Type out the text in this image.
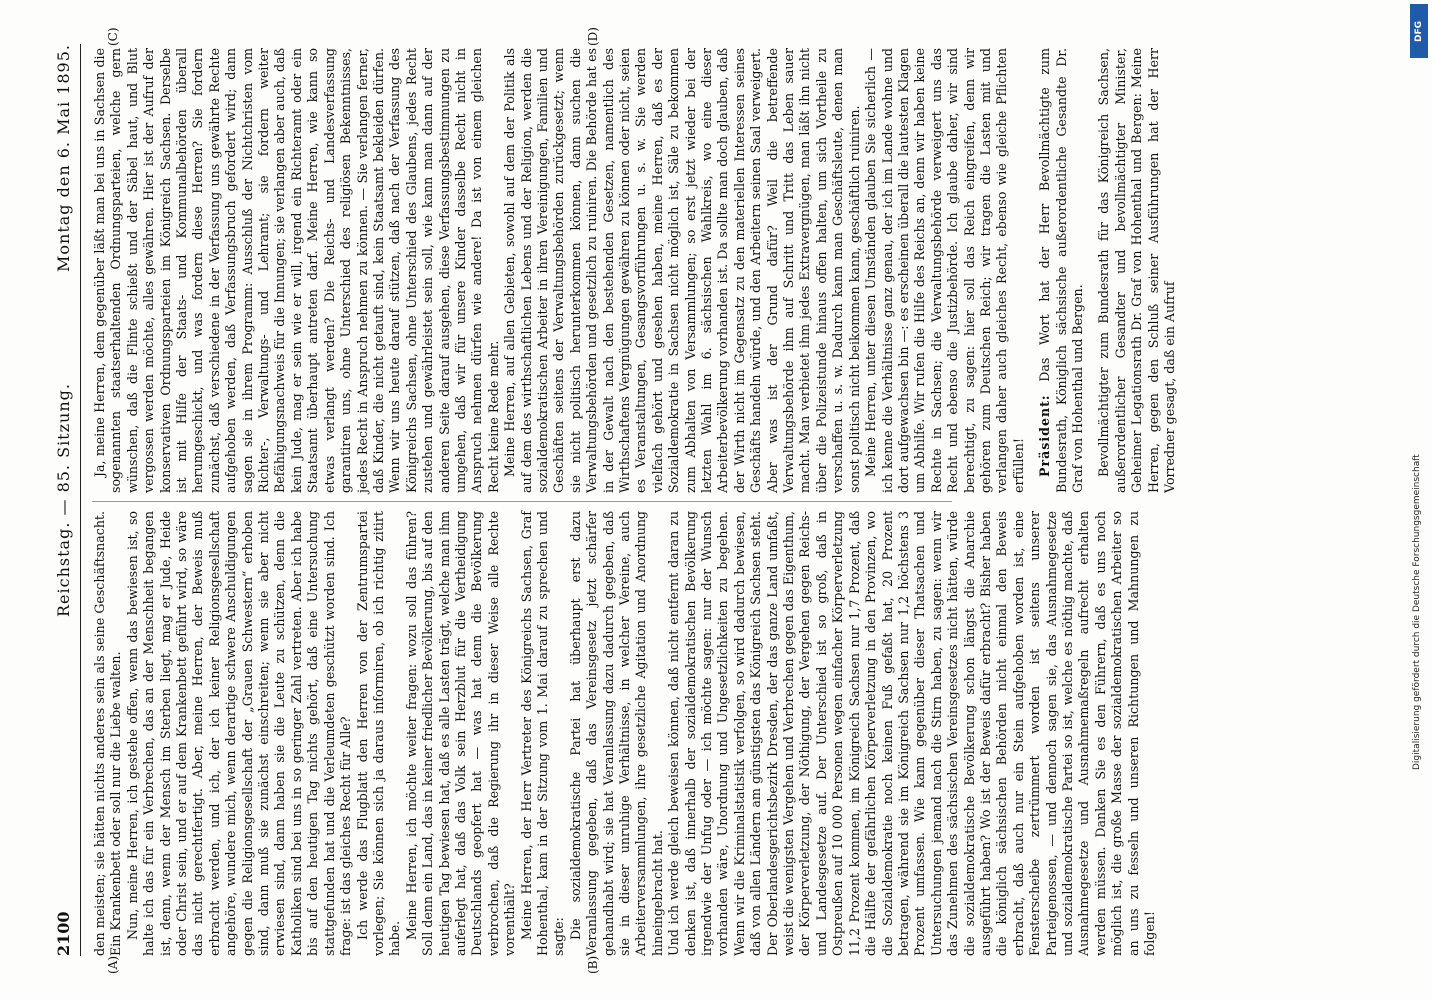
2100
Reichstag. — 85. Sitzung.
Montag den 6. Mai 1895.

den meisten; sie hätten nichts anderes sein als seine Geschäftsnacht. Ein Krankenbett oder soll nur die Liebe walten. Nun, meine Herren, ich gestehe offen, wenn das bewiesen ist, so halte ich das für ein Verbrechen, das an der Menschheit begangen ist, denn, wenn der Mensch im Sterben liegt, mag er Jude, Heide oder Christ sein, und er auf dem Krankenbett geführt wird, so wäre das nicht gerechtfertigt. Aber, meine Herren, der Beweis muß erbracht werden, und ich, der ich keiner Religionsgesellschaft angehöre, wundere mich, wenn derartige schwere Anschuldigungen gegen die Religionsgesellschaft der „Grauen Schwestern“ erhoben sind, dann muß sie zunächst einschreiten; wenn sie aber nicht erwiesen sind, dann haben sie die Leute zu schützen, denn die Katholiken sind bei uns in so geringer Zahl vertreten. Aber ich habe bis auf den heutigen Tag nichts gehört, daß eine Untersuchung stattgefunden hat und die Verleumdeten geschützt worden sind. Ich frage: ist das gleiches Recht für Alle? Ich werde das Flugblatt den Herren von der Zentrumspartei vorlegen; Sie können sich ja daraus informiren, ob ich richtig zitirt habe. Meine Herren, ich möchte weiter fragen: wozu soll das führen? Soll denn ein Land, das in keiner friedlicher Bevölkerung, bis auf den heutigen Tag bewiesen hat, daß es alle Lasten trägt, welche man ihm auferlegt hat, daß das Volk sein Herzblut für die Vertheidigung Deutschlands geopfert hat — was hat denn die Bevölkerung verbrochen, daß die Regierung ihr in dieser Weise alle Rechte vorenthält? Meine Herren, der Herr Vertreter des Königreichs Sachsen, Graf Hohenthal, kam in der Sitzung vom 1. Mai darauf zu sprechen und sagte: Die sozialdemokratische Partei hat überhaupt erst dazu Veranlassung gegeben, daß das Vereinsgesetz jetzt schärfer gehandhabt wird; sie hat Veranlassung dazu dadurch gegeben, daß sie in dieser unruhige Verhältnisse, in welcher Vereine, auch Arbeiterversammlungen, ihre gesetzliche Agitation und Anordnung hineingebracht hat. Und ich werde gleich beweisen können, daß nicht entfernt daran zu denken ist, daß innerhalb der sozialdemokratischen Bevölkerung irgendwie der Unfug oder — ich möchte sagen: nur der Wunsch vorhanden wäre, Unordnung und Ungesetzlichkeiten zu begehen. Wenn wir die Kriminalstatistik verfolgen, so wird dadurch bewiesen, daß von allen Ländern am günstigsten das Königreich Sachsen steht. Der Oberlandesgerichtsbezirk Dresden, der das ganze Land umfaßt, weist die wenigsten Vergehen und Verbrechen gegen das Eigenthum, der Körperverletzung, der Nöthigung, der Vergehen gegen Reichs- und Landesgesetze auf. Der Unterschied ist so groß, daß in Ostpreußen auf 10 000 Personen wegen einfacher Körperverletzung 11,2 Prozent kommen, im Königreich Sachsen nur 1,7 Prozent, daß die Hälfte der gefährlichen Körperverletzung in den Provinzen, wo die Sozialdemokratie noch keinen Fuß gefaßt hat, 20 Prozent betragen, während sie im Königreich Sachsen nur 1,2 höchstens 3 Prozent umfassen. Wie kann gegenüber dieser Thatsachen und Untersuchungen jemand nach die Stirn haben, zu sagen: wenn wir das Zunehmen des sächsischen Vereinsgesetzes nicht hätten, würde die sozialdemokratische Bevölkerung schon längst die Anarchie ausgeführt haben? Wo ist der Beweis dafür erbracht? Bisher haben die königlich sächsischen Behörden nicht einmal den Beweis erbracht, daß auch nur ein Stein aufgehoben worden ist, eine Fensterscheibe zertrümmert worden ist seitens unserer Parteigenossen, — und dennoch sagen sie, das Ausnahmegesetze und sozialdemokratische Partei so ist, welche es nöthig machte, daß Ausnahmegesetze und Ausnahmemaßregeln aufrecht erhalten werden müssen. Danken Sie es den Führern, daß es uns noch möglich ist, die große Masse der sozialdemokratischen Arbeiter so an uns zu fesseln und unseren Richtungen und Mahnungen zu folgen!

Ja, meine Herren, dem gegenüber läßt man bei uns in Sachsen die sogenannten staatserhaltenden Ordnungsparteien, welche gern wünschen, daß die Flinte schießt und der Säbel haut, und Blut vergossen werden möchte, alles gewähren. Hier ist der Aufruf der konservativen Ordnungsparteien im Königreich Sachsen. Derselbe ist mit Hilfe der Staats- und Kommunalbehörden überall herumgeschickt, und was fordern diese Herren? Sie fordern zunächst, daß verschiedene in der Verfassung uns gewährte Rechte aufgehoben werden, daß Verfassungsbruch gefordert wird; dann sagen sie in ihrem Programm: Ausschluß der Nichtchristen vom Richter-, Verwaltungs- und Lehramt; sie fordern weiter Befähigungsnachweis für die Innungen; sie verlangen aber auch, daß kein Jude, mag er sein wie er will, irgend ein Richteramt oder ein Staatsamt überhaupt antreten darf. Meine Herren, wie kann so etwas verlangt werden? Die Reichs- und Landesverfassung garantiren uns, ohne Unterschied des religiösen Bekenntnisses, jedes Recht in Anspruch nehmen zu können. — Sie verlangen ferner, daß Kinder, die nicht getauft sind, kein Staatsamt bekleiden dürfen. Wenn wir uns heute darauf stützen, daß nach der Verfassung des Königreichs Sachsen, ohne Unterschied des Glaubens, jedes Recht zustehen und gewährleistet sein soll, wie kann man dann auf der anderen Seite darauf ausgehen, diese Verfassungsbestimmungen zu umgehen, daß wir für unsere Kinder dasselbe Recht nicht in Anspruch nehmen dürfen wie andere! Da ist von einem gleichen Recht keine Rede mehr. Meine Herren, auf allen Gebieten, sowohl auf dem der Politik als auf dem des wirthschaftlichen Lebens und der Religion, werden die sozialdemokratischen Arbeiter in ihren Vereinigungen, Familien und Geschäften seitens der Verwaltungsbehörden zurückgesetzt; wenn sie nicht politisch herunterkommen können, dann suchen die Verwaltungsbehörden und gesetzlich zu ruiniren. Die Behörde hat es in der Gewalt nach den bestehenden Gesetzen, namentlich des Wirthschaftens Vergnügungen gewähren zu können oder nicht, seien es Veranstaltungen, Gesangsvorführungen u. s. w. Sie werden vielfach gehört und gesehen haben, meine Herren, daß es der Sozialdemokratie in Sachsen nicht möglich ist, Säle zu bekommen zum Abhalten von Versammlungen; so erst jetzt wieder bei der letzten Wahl im 6. sächsischen Wahlkreis, wo eine dieser Arbeiterbevölkerung vorhanden ist. Da sollte man doch glauben, daß der Wirth nicht im Gegensatz zu den materiellen Interessen seines Geschäfts handeln würde, und den Arbeitern seinen Saal verweigert. Aber was ist der Grund dafür? Weil die betreffende Verwaltungsbehörde ihm auf Schritt und Tritt das Leben sauer macht. Man verbietet ihm jedes Extravergnügen, man läßt ihn nicht über die Polizeistunde hinaus offen halten, um sich Vortheile zu verschaffen u. s. w. Dadurch kann man Geschäftsleute, denen man sonst politisch nicht beikommen kann, geschäftlich ruiniren. Meine Herren, unter diesen Umständen glauben Sie sicherlich — ich kenne die Verhältnisse ganz genau, der ich im Lande wohne und dort aufgewachsen bin —: es erscheinen überall die lautesten Klagen um Abhilfe. Wir rufen die Hilfe des Reichs an, denn wir haben keine Rechte in Sachsen; die Verwaltungsbehörde verweigert uns das Recht und ebenso die Justizbehörde. Ich glaube daher, wir sind berechtigt, zu sagen: hier soll das Reich eingreifen, denn wir gehören zum Deutschen Reich; wir tragen die Lasten mit und verlangen daher auch gleiches Recht, ebenso wie gleiche Pflichten erfüllen! Präsident: Das Wort hat der Herr Bevollmächtigte zum Bundesrath, Königlich sächsische außerordentliche Gesandte Dr. Graf von Hohenthal und Bergen. Bevollmächtigter zum Bundesrath für das Königreich Sachsen, außerordentlicher Gesandter und bevollmächtigter Minister, Geheimer Legationsrath Dr. Graf von Hohenthal und Bergen: Meine Herren, gegen den Schluß seiner Ausführungen hat der Herr Vorredner gesagt, daß ein Aufruf

(A)	(B)
(C)	(D)	DFG
Digitalisierung gefördert durch die Deutsche Forschungsgemeinschaft
